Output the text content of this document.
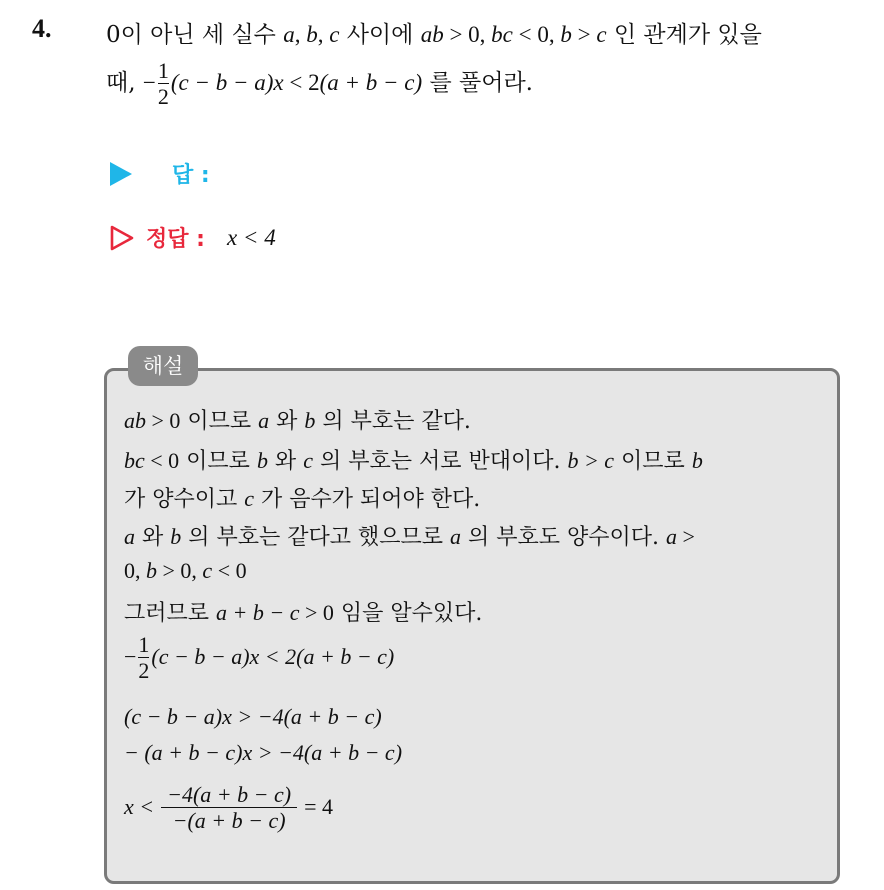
4. 0이 아닌 세 실수 a, b, c 사이에 ab > 0, bc < 0, b > c 인 관계가 있을
때, − $\frac{1}{2} (c - b - a)x < 2(a + b - c)$ 를 풀어라.
답 :
정답 : x < 4
해설
ab > 0 이므로 a 와 b 의 부호는 같다.
bc < 0 이므로 b 와 c 의 부호는 서로 반대이다. b > c 이므로 b
가 양수이고 c 가 음수가 되어야 한다.
a 와 b 의 부호는 같다고 했으므로 a 의 부호도 양수이다. a >
0, b > 0, c < 0
그러므로 a + b − c > 0 임을 알수있다.
− $\frac{1}{2} (c - b - a)x < 2(a + b - c)$
(c − b − a)x > −4(a + b − c)
− (a + b − c)x > −4(a + b − c)
$x < \frac{-4(a + b - c)}{-(a + b - c)} = 4$
